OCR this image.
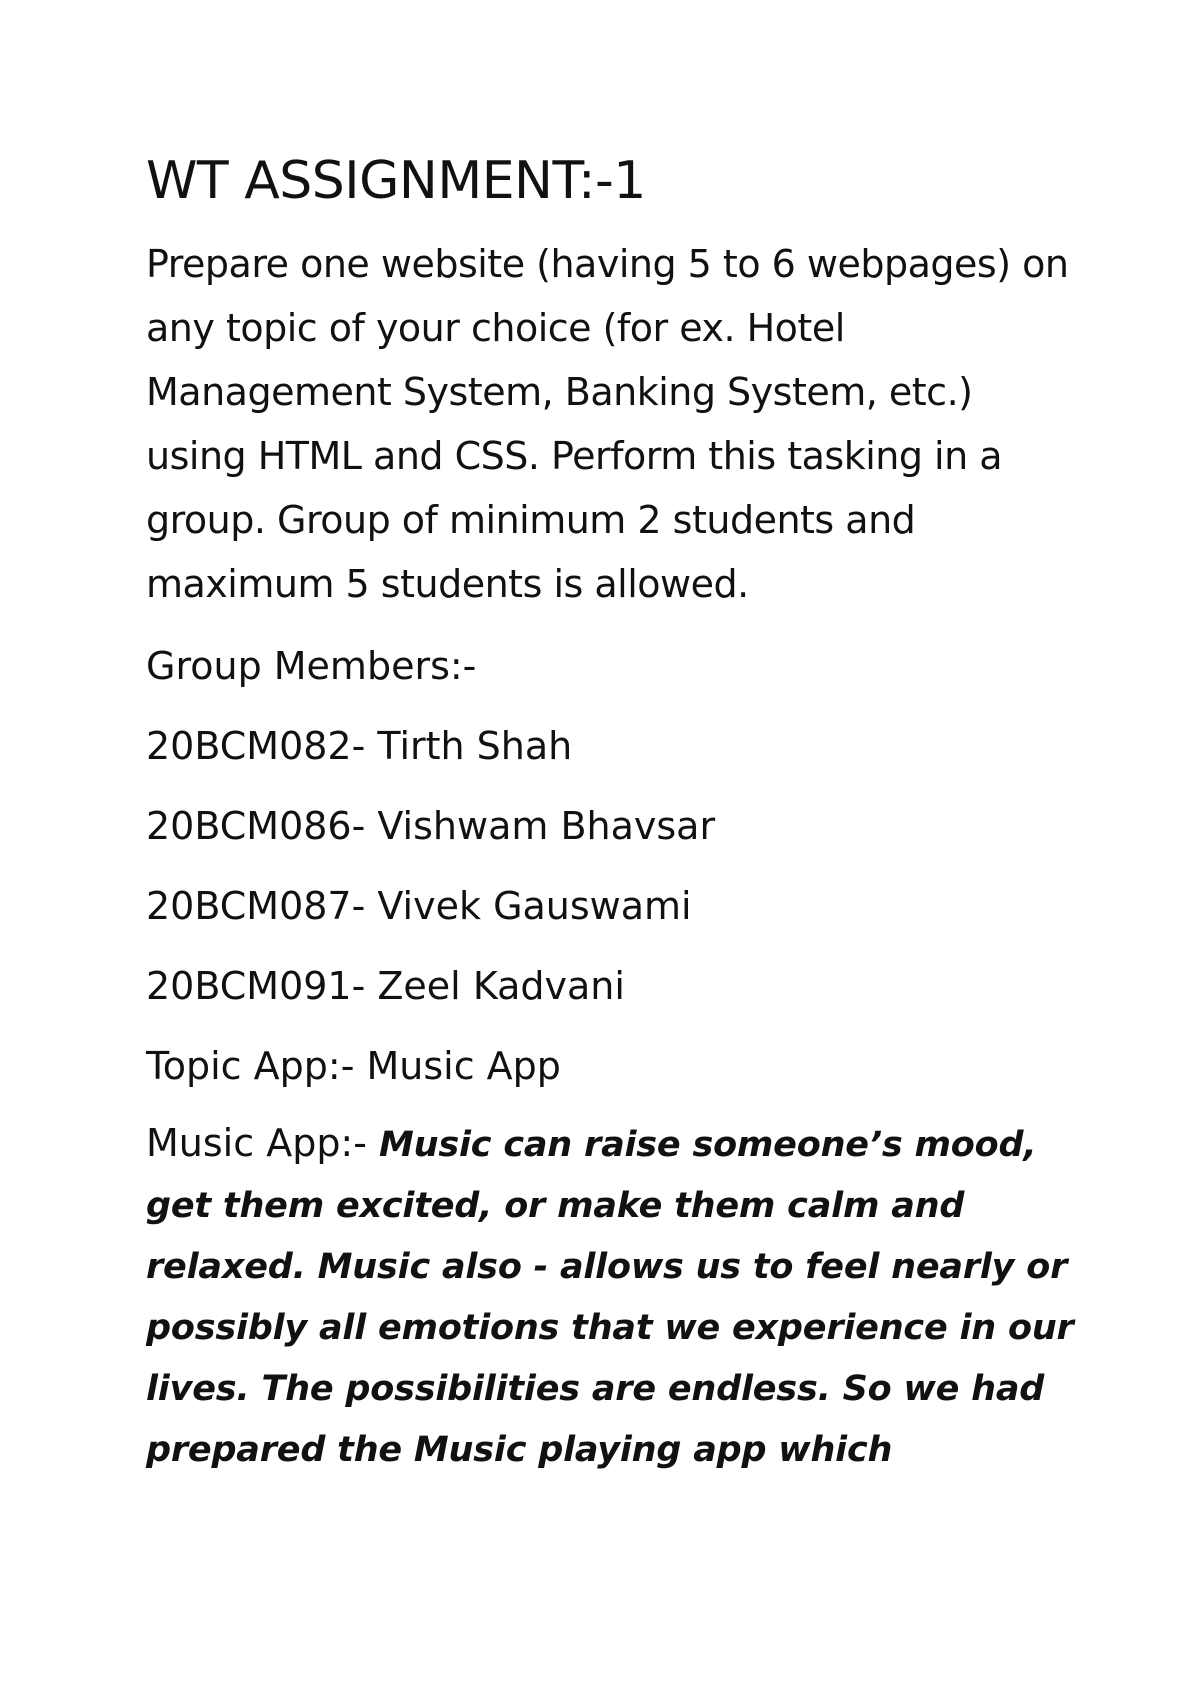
WT ASSIGNMENT:-1

Prepare one website (having 5 to 6 webpages) on any topic of your choice (for ex. Hotel Management System, Banking System, etc.) using HTML and CSS. Perform this tasking in a group. Group of minimum 2 students and maximum 5 students is allowed.

Group Members:-
20BCM082- Tirth Shah
20BCM086- Vishwam Bhavsar
20BCM087- Vivek Gauswami
20BCM091- Zeel Kadvani
Topic App:- Music App

Music App:- Music can raise someone’s mood, get them excited, or make them calm and relaxed. Music also - allows us to feel nearly or possibly all emotions that we experience in our lives. The possibilities are endless. So we had prepared the Music playing app which
